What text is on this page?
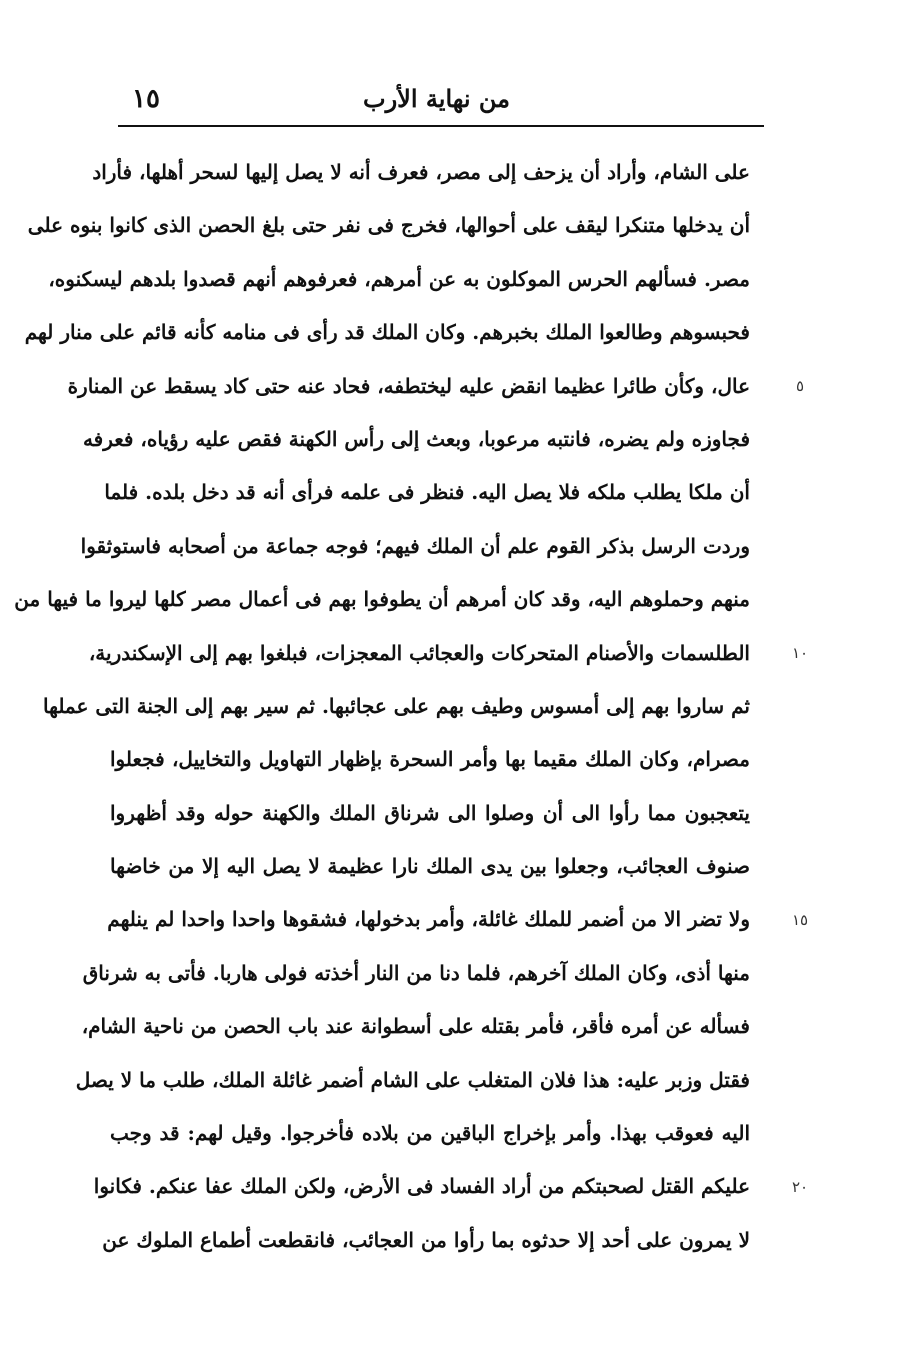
١٥	من نهاية الأرب
على الشام، وأراد أن يزحف إلى مصر، فعرف أنه لا يصل إليها لسحر أهلها، فأراد
أن يدخلها متنكرا ليقف على أحوالها، فخرج فى نفر حتى بلغ الحصن الذى كانوا بنوه على
مصر. فسألهم الحرس الموكلون به عن أمرهم، فعرفوهم أنهم قصدوا بلدهم ليسكنوه،
فحبسوهم وطالعوا الملك بخبرهم. وكان الملك قد رأى فى منامه كأنه قائم على منار لهم
عال، وكأن طائرا عظيما انقض عليه ليختطفه، فحاد عنه حتى كاد يسقط عن المنارة
فجاوزه ولم يضره، فانتبه مرعوبا، وبعث إلى رأس الكهنة فقص عليه رؤياه، فعرفه
أن ملكا يطلب ملكه فلا يصل اليه. فنظر فى علمه فرأى أنه قد دخل بلده. فلما
وردت الرسل بذكر القوم علم أن الملك فيهم؛ فوجه جماعة من أصحابه فاستوثقوا
منهم وحملوهم اليه، وقد كان أمرهم أن يطوفوا بهم فى أعمال مصر كلها ليروا ما فيها من
الطلسمات والأصنام المتحركات والعجائب المعجزات، فبلغوا بهم إلى الإسكندرية،
ثم ساروا بهم إلى أمسوس وطيف بهم على عجائبها. ثم سير بهم إلى الجنة التى عملها
مصرام، وكان الملك مقيما بها وأمر السحرة بإظهار التهاويل والتخاييل، فجعلوا
يتعجبون مما رأوا الى أن وصلوا الى شرناق الملك والكهنة حوله وقد أظهروا
صنوف العجائب، وجعلوا بين يدى الملك نارا عظيمة لا يصل اليه إلا من خاضها
ولا تضر الا من أضمر للملك غائلة، وأمر بدخولها، فشقوها واحدا واحدا لم ينلهم
منها أذى، وكان الملك آخرهم، فلما دنا من النار أخذته فولى هاربا. فأتى به شرناق
فسأله عن أمره فأقر، فأمر بقتله على أسطوانة عند باب الحصن من ناحية الشام،
فقتل وزبر عليه: هذا فلان المتغلب على الشام أضمر غائلة الملك، طلب ما لا يصل
اليه فعوقب بهذا. وأمر بإخراج الباقين من بلاده فأخرجوا. وقيل لهم: قد وجب
عليكم القتل لصحبتكم من أراد الفساد فى الأرض، ولكن الملك عفا عنكم. فكانوا
لا يمرون على أحد إلا حدثوه بما رأوا من العجائب، فانقطعت أطماع الملوك عن
٥
١٠
١٥
٢٠
